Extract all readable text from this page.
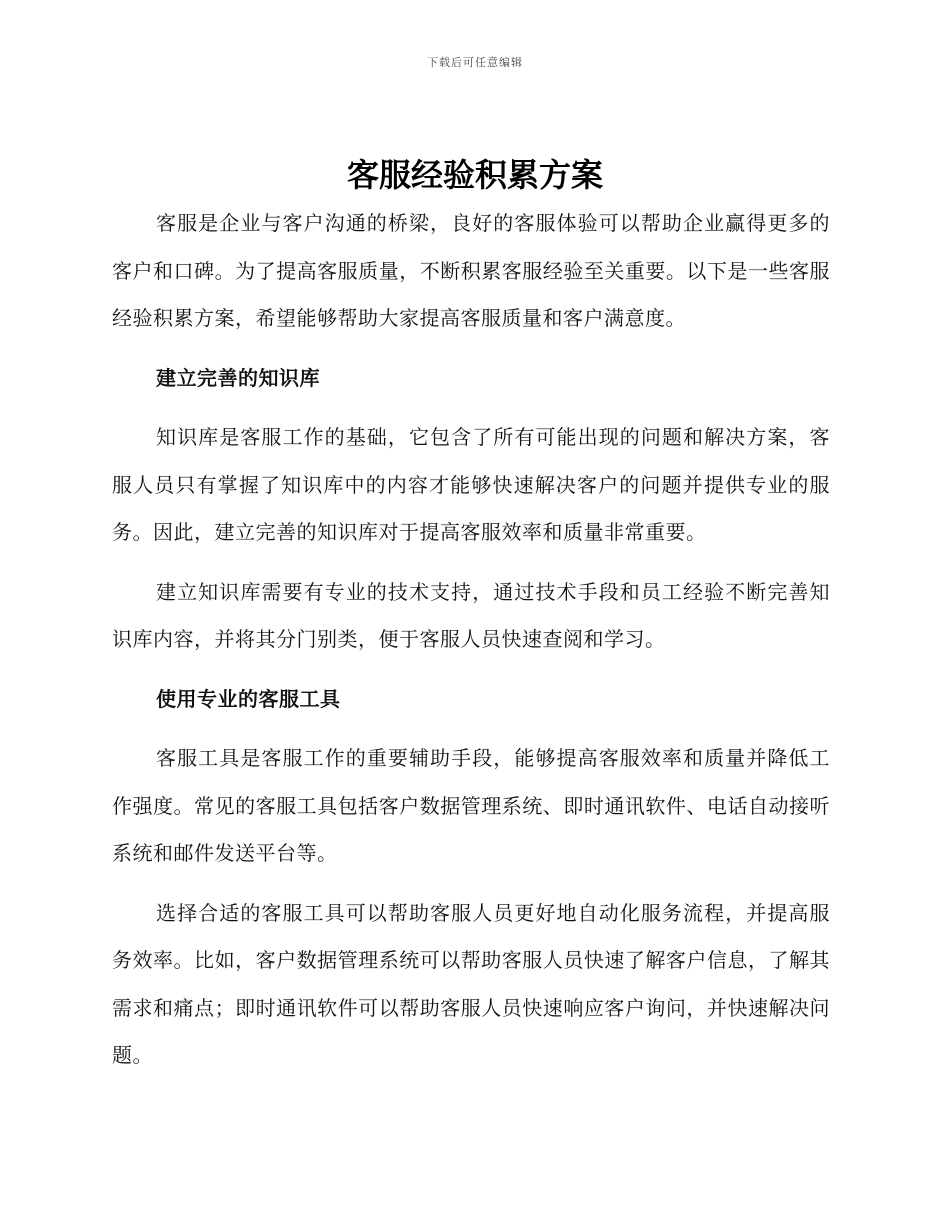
下载后可任意编辑
客服经验积累方案

客服是企业与客户沟通的桥梁，良好的客服体验可以帮助企业赢得更多的客户和口碑。为了提高客服质量，不断积累客服经验至关重要。以下是一些客服经验积累方案，希望能够帮助大家提高客服质量和客户满意度。

建立完善的知识库

知识库是客服工作的基础，它包含了所有可能出现的问题和解决方案，客服人员只有掌握了知识库中的内容才能够快速解决客户的问题并提供专业的服务。因此，建立完善的知识库对于提高客服效率和质量非常重要。

建立知识库需要有专业的技术支持，通过技术手段和员工经验不断完善知识库内容，并将其分门别类，便于客服人员快速查阅和学习。

使用专业的客服工具

客服工具是客服工作的重要辅助手段，能够提高客服效率和质量并降低工作强度。常见的客服工具包括客户数据管理系统、即时通讯软件、电话自动接听系统和邮件发送平台等。

选择合适的客服工具可以帮助客服人员更好地自动化服务流程，并提高服务效率。比如，客户数据管理系统可以帮助客服人员快速了解客户信息，了解其需求和痛点；即时通讯软件可以帮助客服人员快速响应客户询问，并快速解决问题。
